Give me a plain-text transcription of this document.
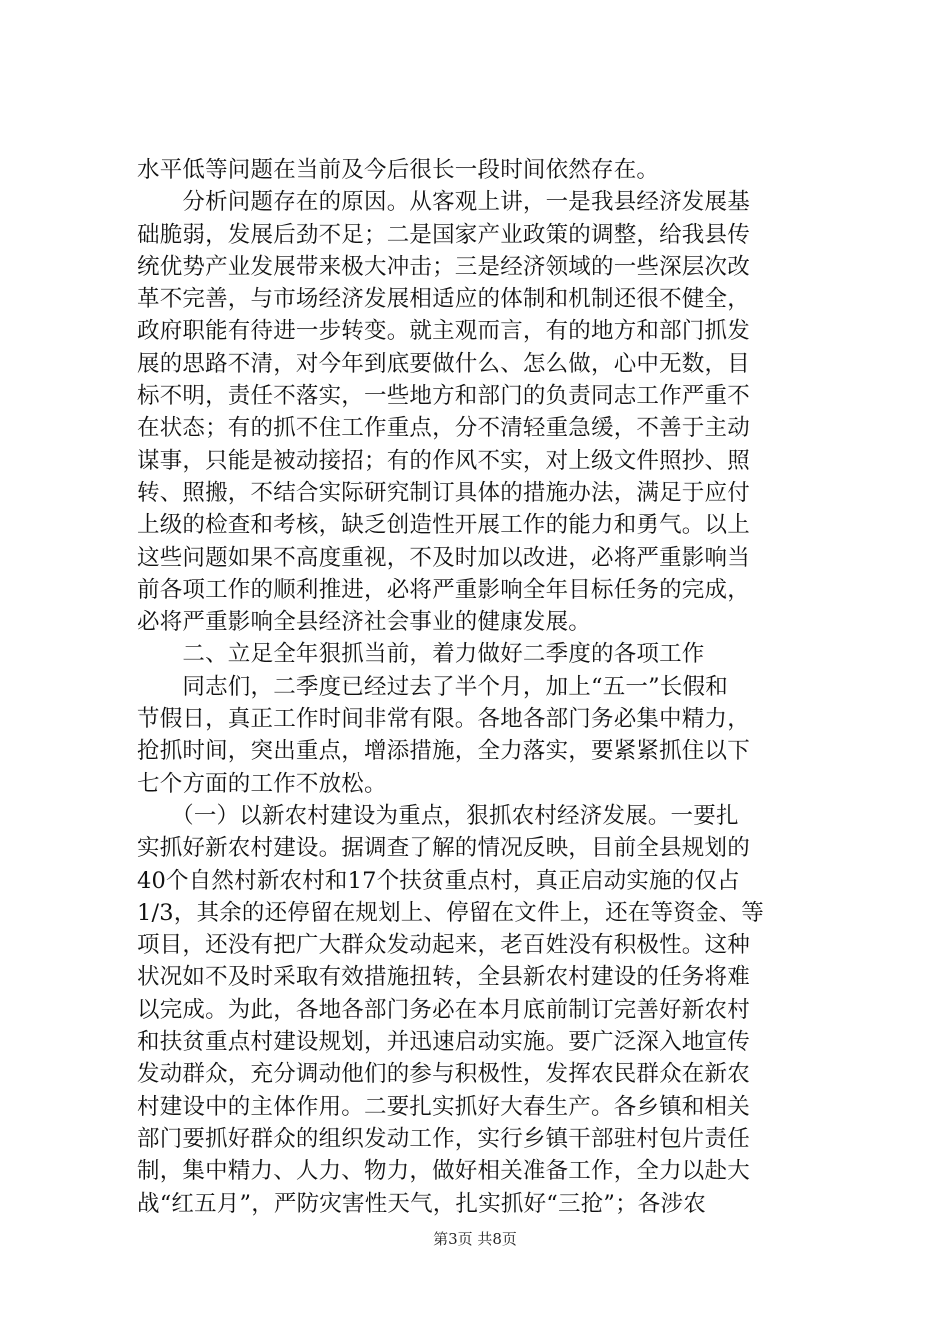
水平低等问题在当前及今后很长一段时间依然存在。
　　分析问题存在的原因。从客观上讲，一是我县经济发展基
础脆弱，发展后劲不足；二是国家产业政策的调整，给我县传
统优势产业发展带来极大冲击；三是经济领域的一些深层次改
革不完善，与市场经济发展相适应的体制和机制还很不健全，
政府职能有待进一步转变。就主观而言，有的地方和部门抓发
展的思路不清，对今年到底要做什么、怎么做，心中无数，目
标不明，责任不落实，一些地方和部门的负责同志工作严重不
在状态；有的抓不住工作重点，分不清轻重急缓，不善于主动
谋事，只能是被动接招；有的作风不实，对上级文件照抄、照
转、照搬，不结合实际研究制订具体的措施办法，满足于应付
上级的检查和考核，缺乏创造性开展工作的能力和勇气。以上
这些问题如果不高度重视，不及时加以改进，必将严重影响当
前各项工作的顺利推进，必将严重影响全年目标任务的完成，
必将严重影响全县经济社会事业的健康发展。
　　二、立足全年狠抓当前，着力做好二季度的各项工作
　　同志们，二季度已经过去了半个月，加上“五一”长假和
节假日，真正工作时间非常有限。各地各部门务必集中精力，
抢抓时间，突出重点，增添措施，全力落实，要紧紧抓住以下
七个方面的工作不放松。
　　（一）以新农村建设为重点，狠抓农村经济发展。一要扎
实抓好新农村建设。据调查了解的情况反映，目前全县规划的
40个自然村新农村和17个扶贫重点村，真正启动实施的仅占
1/3，其余的还停留在规划上、停留在文件上，还在等资金、等
项目，还没有把广大群众发动起来，老百姓没有积极性。这种
状况如不及时采取有效措施扭转，全县新农村建设的任务将难
以完成。为此，各地各部门务必在本月底前制订完善好新农村
和扶贫重点村建设规划，并迅速启动实施。要广泛深入地宣传
发动群众，充分调动他们的参与积极性，发挥农民群众在新农
村建设中的主体作用。二要扎实抓好大春生产。各乡镇和相关
部门要抓好群众的组织发动工作，实行乡镇干部驻村包片责任
制，集中精力、人力、物力，做好相关准备工作，全力以赴大
战“红五月”，严防灾害性天气，扎实抓好“三抢”；各涉农
第3页 共8页
